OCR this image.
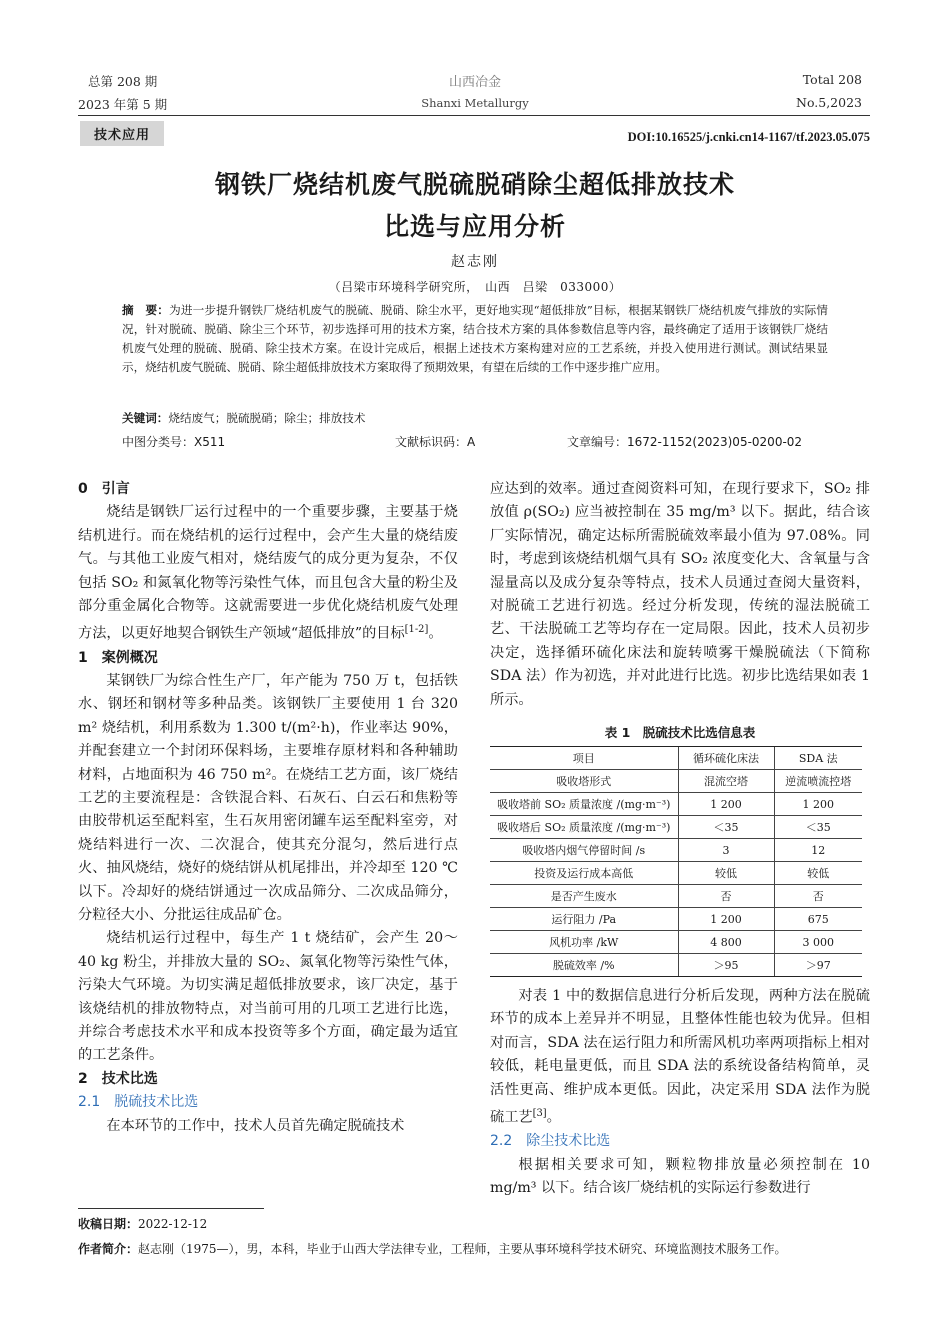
总第 208 期
2023 年第 5 期
山西冶金
Shanxi Metallurgy
Total 208
No.5,2023
技术应用	DOI:10.16525/j.cnki.cn14-1167/tf.2023.05.075
钢铁厂烧结机废气脱硫脱硝除尘超低排放技术
比选与应用分析
赵志刚
（吕梁市环境科学研究所，　山西　吕梁　033000）
摘　要：为进一步提升钢铁厂烧结机废气的脱硫、脱硝、除尘水平，更好地实现“超低排放”目标，根据某钢铁厂烧结机废气排放的实际情况，针对脱硫、脱硝、除尘三个环节，初步选择可用的技术方案，结合技术方案的具体参数信息等内容，最终确定了适用于该钢铁厂烧结机废气处理的脱硫、脱硝、除尘技术方案。在设计完成后，根据上述技术方案构建对应的工艺系统，并投入使用进行测试。测试结果显示，烧结机废气脱硫、脱硝、除尘超低排放技术方案取得了预期效果，有望在后续的工作中逐步推广应用。
关键词：烧结废气；脱硫脱硝；除尘；排放技术
中图分类号：X511	文献标识码：A	文章编号：1672-1152(2023)05-0200-02
0　引言

烧结是钢铁厂运行过程中的一个重要步骤，主要基于烧结机进行。而在烧结机的运行过程中，会产生大量的烧结废气。与其他工业废气相对，烧结废气的成分更为复杂，不仅包括 SO₂ 和氮氧化物等污染性气体，而且包含大量的粉尘及部分重金属化合物等。这就需要进一步优化烧结机废气处理方法，以更好地契合钢铁生产领域“超低排放”的目标[1-2]。

1　案例概况

某钢铁厂为综合性生产厂，年产能为 750 万 t，包括铁水、钢坯和钢材等多种品类。该钢铁厂主要使用 1 台 320 m² 烧结机，利用系数为 1.300 t/(m²·h)，作业率达 90%，并配套建立一个封闭环保料场，主要堆存原材料和各种辅助材料，占地面积为 46 750 m²。在烧结工艺方面，该厂烧结工艺的主要流程是：含铁混合料、石灰石、白云石和焦粉等由胶带机运至配料室，生石灰用密闭罐车运至配料室旁，对烧结料进行一次、二次混合，使其充分混匀，然后进行点火、抽风烧结，烧好的烧结饼从机尾排出，并冷却至 120 ℃以下。冷却好的烧结饼通过一次成品筛分、二次成品筛分，分粒径大小、分批运往成品矿仓。

烧结机运行过程中，每生产 1 t 烧结矿，会产生 20～40 kg 粉尘，并排放大量的 SO₂、氮氧化物等污染性气体，污染大气环境。为切实满足超低排放要求，该厂决定，基于该烧结机的排放物特点，对当前可用的几项工艺进行比选，并综合考虑技术水平和成本投资等多个方面，确定最为适宜的工艺条件。

2　技术比选
2.1　脱硫技术比选

在本环节的工作中，技术人员首先确定脱硫技术

应达到的效率。通过查阅资料可知，在现行要求下，SO₂ 排放值 ρ(SO₂) 应当被控制在 35 mg/m³ 以下。据此，结合该厂实际情况，确定达标所需脱硫效率最小值为 97.08%。同时，考虑到该烧结机烟气具有 SO₂ 浓度变化大、含氧量与含湿量高以及成分复杂等特点，技术人员通过查阅大量资料，对脱硫工艺进行初选。经过分析发现，传统的湿法脱硫工艺、干法脱硫工艺等均存在一定局限。因此，技术人员初步决定，选择循环硫化床法和旋转喷雾干燥脱硫法（下简称 SDA 法）作为初选，并对此进行比选。初步比选结果如表 1 所示。

表 1　脱硫技术比选信息表
项目	循环硫化床法	SDA 法
吸收塔形式	混流空塔	逆流喷流控塔
吸收塔前 SO₂ 质量浓度 /(mg·m⁻³)	1 200	1 200
吸收塔后 SO₂ 质量浓度 /(mg·m⁻³)	＜35	＜35
吸收塔内烟气停留时间 /s	3	12
投资及运行成本高低	较低	较低
是否产生废水	否	否
运行阻力 /Pa	1 200	675
风机功率 /kW	4 800	3 000
脱硫效率 /%	＞95	＞97

对表 1 中的数据信息进行分析后发现，两种方法在脱硫环节的成本上差异并不明显，且整体性能也较为优异。但相对而言，SDA 法在运行阻力和所需风机功率两项指标上相对较低，耗电量更低，而且 SDA 法的系统设备结构简单，灵活性更高、维护成本更低。因此，决定采用 SDA 法作为脱硫工艺[3]。

2.2　除尘技术比选

根据相关要求可知，颗粒物排放量必须控制在 10 mg/m³ 以下。结合该厂烧结机的实际运行参数进行

收稿日期：2022-12-12
作者简介：赵志刚（1975—），男，本科，毕业于山西大学法律专业，工程师，主要从事环境科学技术研究、环境监测技术服务工作。
